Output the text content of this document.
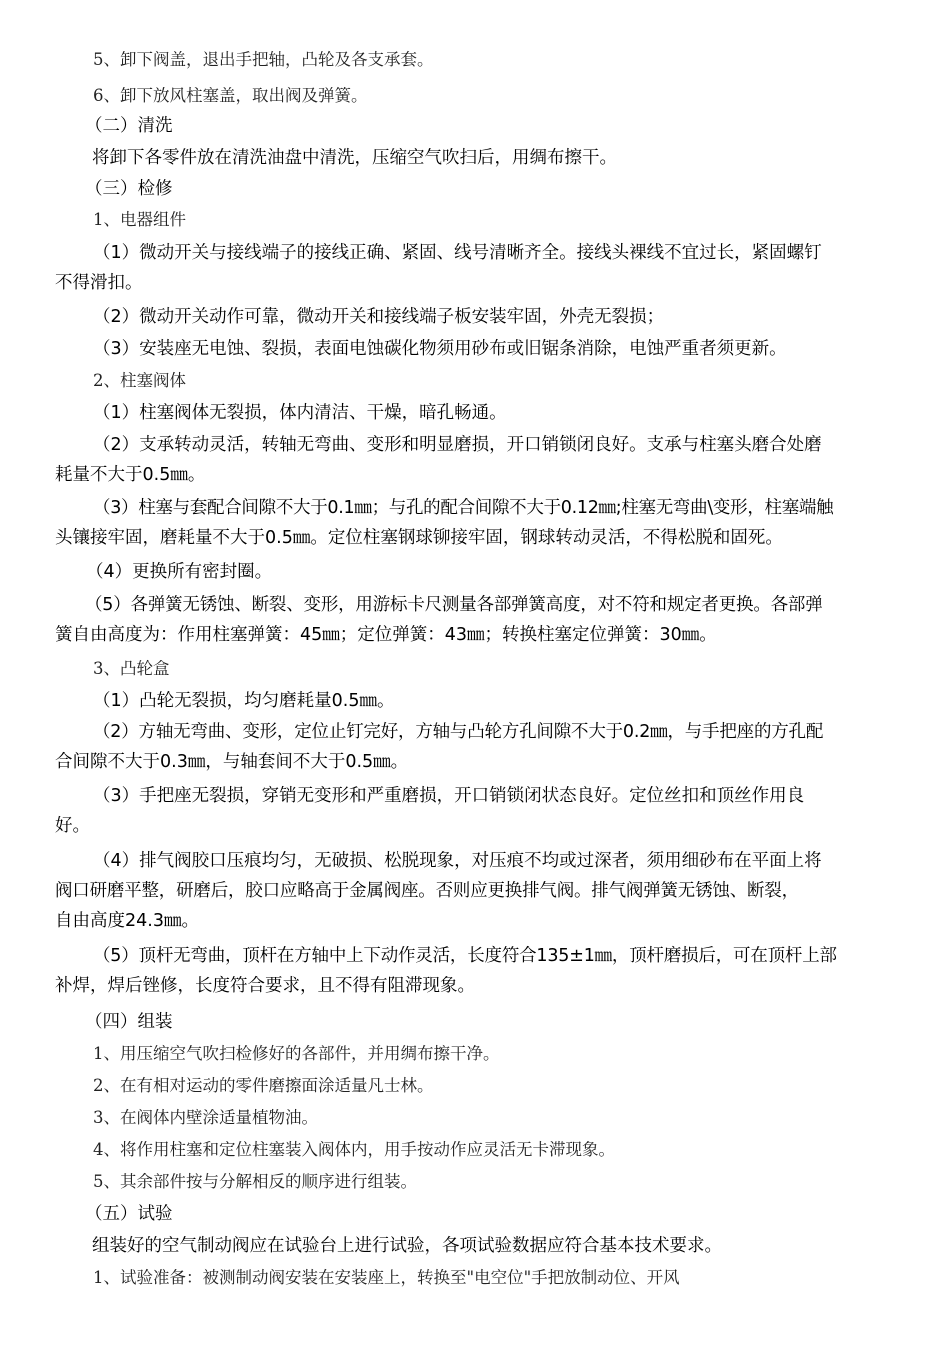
5、卸下阀盖，退出手把轴，凸轮及各支承套。
6、卸下放风柱塞盖，取出阀及弹簧。
（二）清洗
将卸下各零件放在清洗油盘中清洗，压缩空气吹扫后，用绸布擦干。
（三）检修
1、电器组件
（1）微动开关与接线端子的接线正确、紧固、线号清晰齐全。接线头裸线不宜过长，紧固螺钉
不得滑扣。
（2）微动开关动作可靠，微动开关和接线端子板安装牢固，外壳无裂损；
（3）安装座无电蚀、裂损，表面电蚀碳化物须用砂布或旧锯条消除，电蚀严重者须更新。
2、柱塞阀体
（1）柱塞阀体无裂损，体内清洁、干燥，暗孔畅通。
（2）支承转动灵活，转轴无弯曲、变形和明显磨损，开口销锁闭良好。支承与柱塞头磨合处磨
耗量不大于0.5㎜。
（3）柱塞与套配合间隙不大于0.1㎜；与孔的配合间隙不大于0.12㎜;柱塞无弯曲\变形，柱塞端触
头镶接牢固，磨耗量不大于0.5㎜。定位柱塞钢球铆接牢固，钢球转动灵活，不得松脱和固死。
（4）更换所有密封圈。
（5）各弹簧无锈蚀、断裂、变形，用游标卡尺测量各部弹簧高度，对不符和规定者更换。各部弹
簧自由高度为：作用柱塞弹簧：45㎜；定位弹簧：43㎜；转换柱塞定位弹簧：30㎜。
3、凸轮盒
（1）凸轮无裂损，均匀磨耗量0.5㎜。
（2）方轴无弯曲、变形，定位止钉完好，方轴与凸轮方孔间隙不大于0.2㎜，与手把座的方孔配
合间隙不大于0.3㎜，与轴套间不大于0.5㎜。
（3）手把座无裂损，穿销无变形和严重磨损，开口销锁闭状态良好。定位丝扣和顶丝作用良
好。
（4）排气阀胶口压痕均匀，无破损、松脱现象，对压痕不均或过深者，须用细砂布在平面上将
阀口研磨平整，研磨后，胶口应略高于金属阀座。否则应更换排气阀。排气阀弹簧无锈蚀、断裂，
自由高度24.3㎜。
（5）顶杆无弯曲，顶杆在方轴中上下动作灵活，长度符合135±1㎜，顶杆磨损后，可在顶杆上部
补焊，焊后锉修，长度符合要求，且不得有阻滞现象。
（四）组装
1、用压缩空气吹扫检修好的各部件，并用绸布擦干净。
2、在有相对运动的零件磨擦面涂适量凡士林。
3、在阀体内壁涂适量植物油。
4、将作用柱塞和定位柱塞装入阀体内，用手按动作应灵活无卡滞现象。
5、其余部件按与分解相反的顺序进行组装。
（五）试验
组装好的空气制动阀应在试验台上进行试验，各项试验数据应符合基本技术要求。
1、试验准备：被测制动阀安装在安装座上，转换至"电空位"手把放制动位、开风
